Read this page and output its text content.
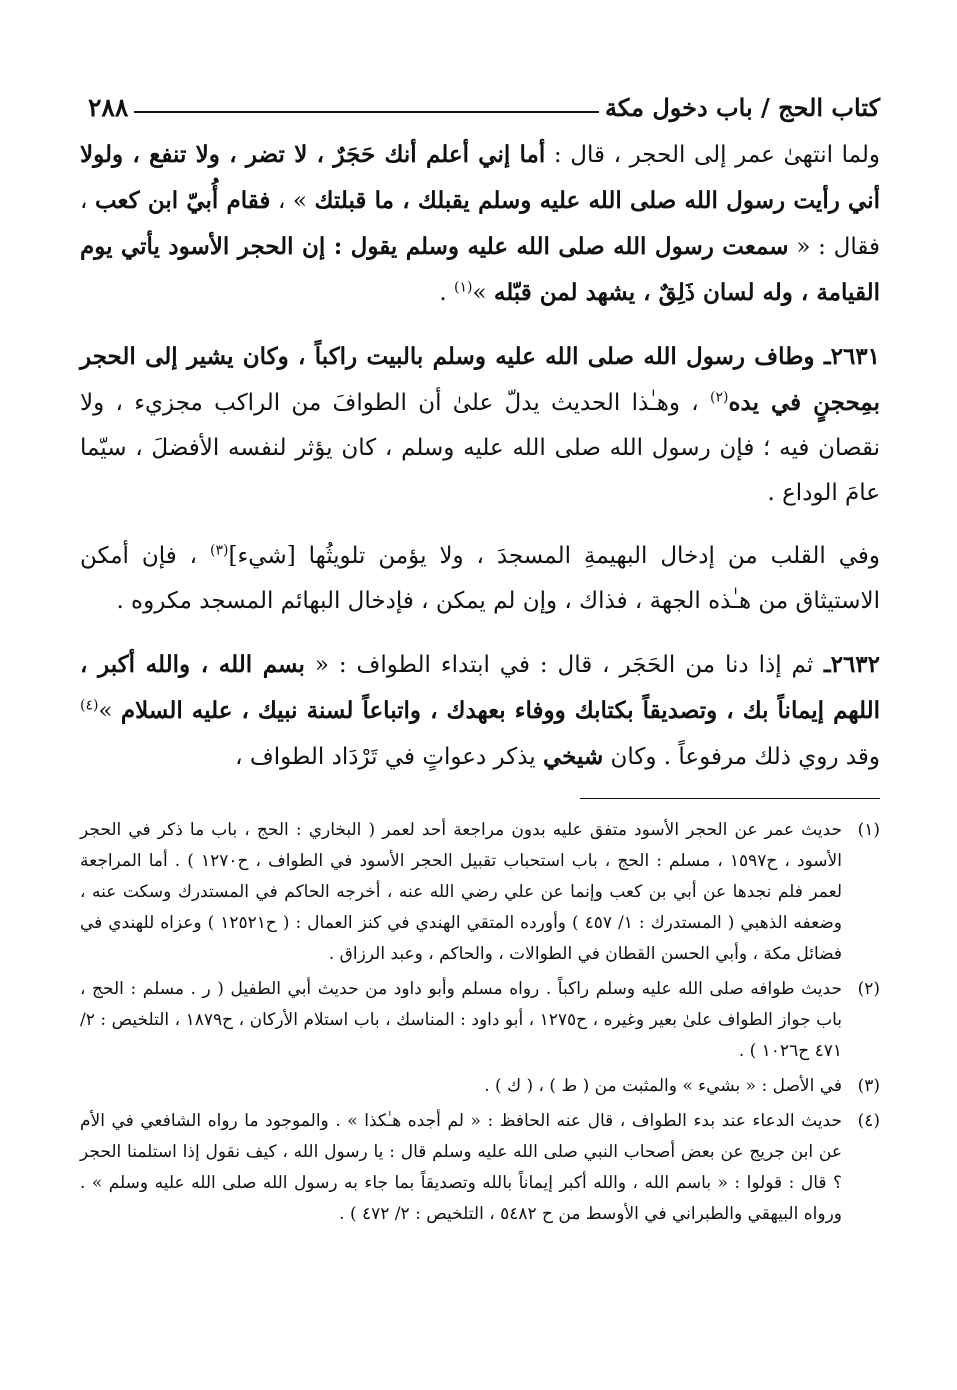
كتاب الحج / باب دخول مكة
٢٨٨

ولما انتهىٰ عمر إلى الحجر ، قال : أما إني أعلم أنك حَجَرٌ ، لا تضر ، ولا تنفع ، ولولا أني رأيت رسول الله صلى الله عليه وسلم يقبلك ، ما قبلتك » ، فقام أُبيّ ابن كعب ، فقال : « سمعت رسول الله صلى الله عليه وسلم يقول : إن الحجر الأسود يأتي يوم القيامة ، وله لسان ذَلِقٌ ، يشهد لمن قبّله »$^{(١)}$ .

٢٦٣١ـ وطاف رسول الله صلى الله عليه وسلم بالبيت راكباً ، وكان يشير إلى الحجر بمِحجنٍ في يده$^{(٢)}$ ، وهـٰذا الحديث يدلّ علىٰ أن الطوافَ من الراكب مجزيء ، ولا نقصان فيه ؛ فإن رسول الله صلى الله عليه وسلم ، كان يؤثر لنفسه الأفضلَ ، سيّما عامَ الوداع .

وفي القلب من إدخال البهيمةِ المسجدَ ، ولا يؤمن تلويثُها [شيء]$^{(٣)}$ ، فإن أمكن الاستيثاق من هـٰذه الجهة ، فذاك ، وإن لم يمكن ، فإدخال البهائم المسجد مكروه .

٢٦٣٢ـ ثم إذا دنا من الحَجَر ، قال : في ابتداء الطواف : « بسم الله ، والله أكبر ، اللهم إيماناً بك ، وتصديقاً بكتابك ووفاء بعهدك ، واتباعاً لسنة نبيك ، عليه السلام »$^{(٤)}$ وقد روي ذلك مرفوعاً . وكان شيخي يذكر دعواتٍ في تَرْدَاد الطواف ،

(١)
حديث عمر عن الحجر الأسود متفق عليه بدون مراجعة أحد لعمر ( البخاري : الحج ، باب ما ذكر في الحجر الأسود ، ح١٥٩٧ ، مسلم : الحج ، باب استحباب تقبيل الحجر الأسود في الطواف ، ح١٢٧٠ ) . أما المراجعة لعمر فلم نجدها عن أبي بن كعب وإنما عن علي رضي الله عنه ، أخرجه الحاكم في المستدرك وسكت عنه ، وضعفه الذهبي ( المستدرك : ١/ ٤٥٧ ) وأورده المتقي الهندي في كنز العمال : ( ح١٢٥٢١ ) وعزاه للهندي في فضائل مكة ، وأبي الحسن القطان في الطوالات ، والحاكم ، وعبد الرزاق .
(٢)
حديث طوافه صلى الله عليه وسلم راكباً . رواه مسلم وأبو داود من حديث أبي الطفيل ( ر . مسلم : الحج ، باب جواز الطواف علىٰ بعير وغيره ، ح١٢٧٥ ، أبو داود : المناسك ، باب استلام الأركان ، ح١٨٧٩ ، التلخيص : ٢/ ٤٧١ ح١٠٢٦ ) .
(٣)
في الأصل : « بشيء » والمثبت من ( ط ) ، ( ك ) .
(٤)
حديث الدعاء عند بدء الطواف ، قال عنه الحافظ : « لم أجده هـٰكذا » . والموجود ما رواه الشافعي في الأم عن ابن جريج عن بعض أصحاب النبي صلى الله عليه وسلم قال : يا رسول الله ، كيف نقول إذا استلمنا الحجر ؟ قال : قولوا : « باسم الله ، والله أكبر إيماناً بالله وتصديقاً بما جاء به رسول الله صلى الله عليه وسلم » . ورواه البيهقي والطبراني في الأوسط من ح ٥٤٨٢ ، التلخيص : ٢/ ٤٧٢ ) .
